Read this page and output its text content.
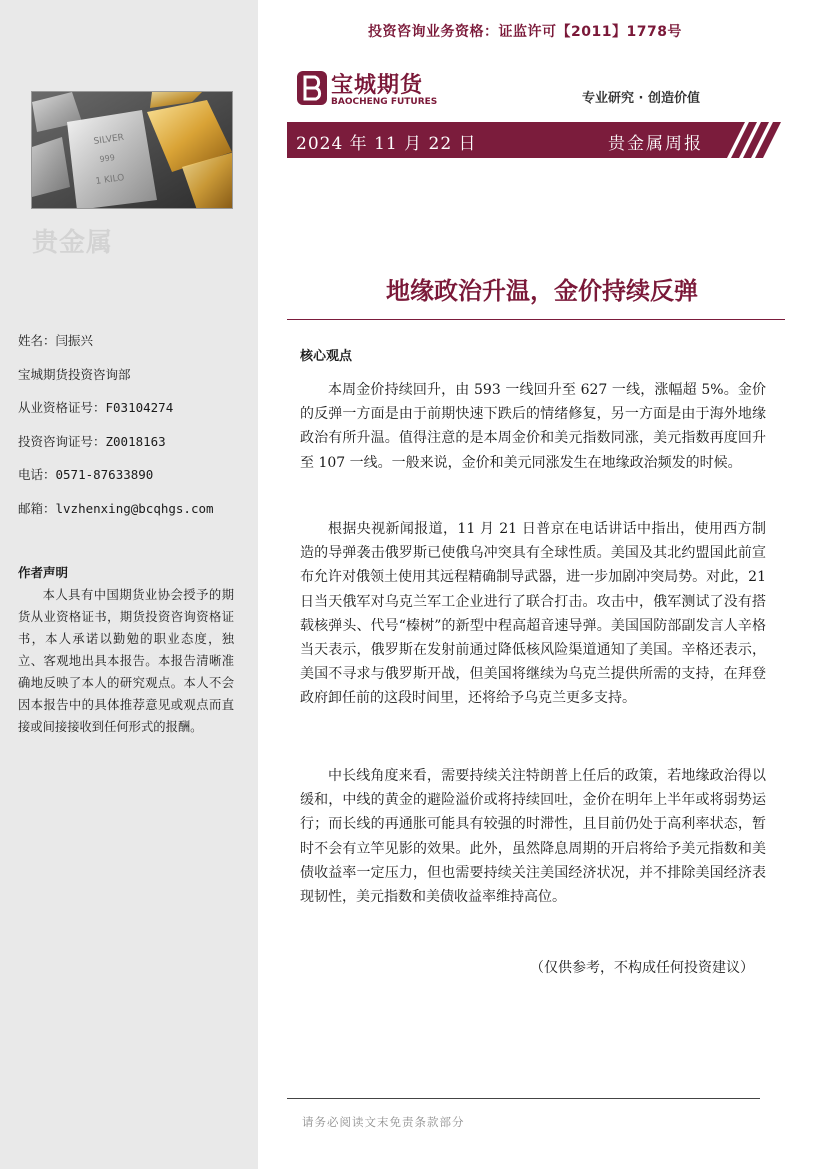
SILVER
999
1 KILO
贵金属
姓名：闫振兴
宝城期货投资咨询部
从业资格证号：F03104274
投资咨询证号：Z0018163
电话：0571-87633890
邮箱：lvzhenxing@bcqhgs.com
作者声明
本人具有中国期货业协会授予的期货从业资格证书，期货投资咨询资格证书，本人承诺以勤勉的职业态度，独立、客观地出具本报告。本报告清晰准确地反映了本人的研究观点。本人不会因本报告中的具体推荐意见或观点而直接或间接接收到任何形式的报酬。
投资咨询业务资格：证监许可【2011】1778号
宝城期货
BAOCHENG FUTURES	专业研究 · 创造价值
2024 年 11 月 22 日	贵金属周报
地缘政治升温，金价持续反弹
核心观点

本周金价持续回升，由 593 一线回升至 627 一线，涨幅超 5%。金价的反弹一方面是由于前期快速下跌后的情绪修复，另一方面是由于海外地缘政治有所升温。值得注意的是本周金价和美元指数同涨，美元指数再度回升至 107 一线。一般来说，金价和美元同涨发生在地缘政治频发的时候。

根据央视新闻报道，11 月 21 日普京在电话讲话中指出，使用西方制造的导弹袭击俄罗斯已使俄乌冲突具有全球性质。美国及其北约盟国此前宣布允许对俄领土使用其远程精确制导武器，进一步加剧冲突局势。对此，21 日当天俄军对乌克兰军工企业进行了联合打击。攻击中，俄军测试了没有搭载核弹头、代号“榛树”的新型中程高超音速导弹。美国国防部副发言人辛格当天表示，俄罗斯在发射前通过降低核风险渠道通知了美国。辛格还表示，美国不寻求与俄罗斯开战，但美国将继续为乌克兰提供所需的支持，在拜登政府卸任前的这段时间里，还将给予乌克兰更多支持。

中长线角度来看，需要持续关注特朗普上任后的政策，若地缘政治得以缓和，中线的黄金的避险溢价或将持续回吐，金价在明年上半年或将弱势运行；而长线的再通胀可能具有较强的时滞性，且目前仍处于高利率状态，暂时不会有立竿见影的效果。此外，虽然降息周期的开启将给予美元指数和美债收益率一定压力，但也需要持续关注美国经济状况，并不排除美国经济表现韧性，美元指数和美债收益率维持高位。

（仅供参考，不构成任何投资建议）
请务必阅读文末免责条款部分
